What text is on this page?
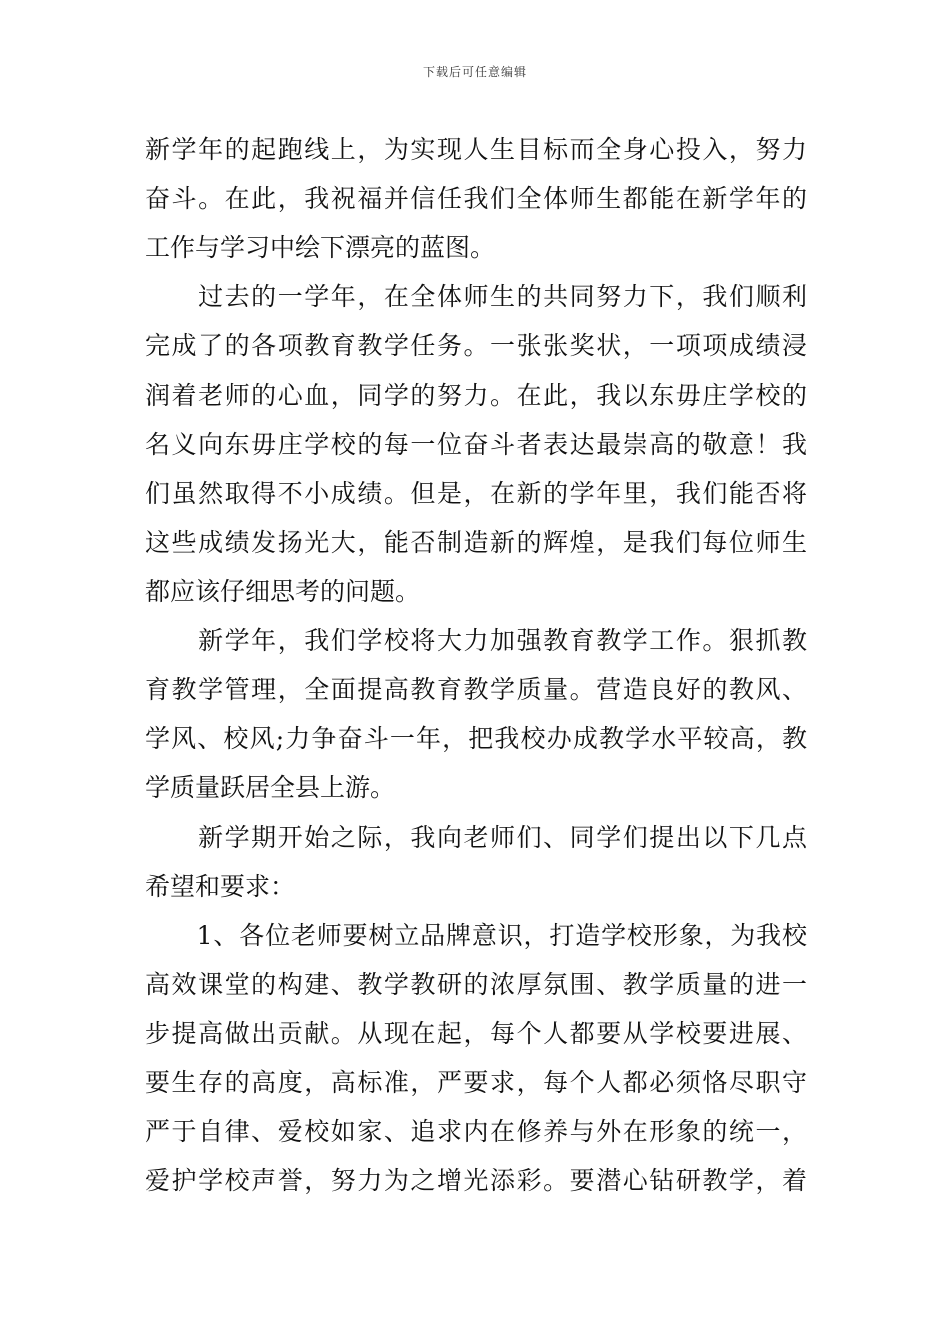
下载后可任意编辑
新学年的起跑线上，为实现人生目标而全身心投入，努力
奋斗。在此，我祝福并信任我们全体师生都能在新学年的
工作与学习中绘下漂亮的蓝图。
　　过去的一学年，在全体师生的共同努力下，我们顺利
完成了的各项教育教学任务。一张张奖状，一项项成绩浸
润着老师的心血，同学的努力。在此，我以东毋庄学校的
名义向东毋庄学校的每一位奋斗者表达最崇高的敬意！我
们虽然取得不小成绩。但是，在新的学年里，我们能否将
这些成绩发扬光大，能否制造新的辉煌，是我们每位师生
都应该仔细思考的问题。
　　新学年，我们学校将大力加强教育教学工作。狠抓教
育教学管理，全面提高教育教学质量。营造良好的教风、
学风、校风;力争奋斗一年，把我校办成教学水平较高，教
学质量跃居全县上游。
　　新学期开始之际，我向老师们、同学们提出以下几点
希望和要求：
　　1、各位老师要树立品牌意识，打造学校形象，为我校
高效课堂的构建、教学教研的浓厚氛围、教学质量的进一
步提高做出贡献。从现在起，每个人都要从学校要进展、
要生存的高度，高标准，严要求，每个人都必须恪尽职守
严于自律、爱校如家、追求内在修养与外在形象的统一，
爱护学校声誉，努力为之增光添彩。要潜心钻研教学，着
